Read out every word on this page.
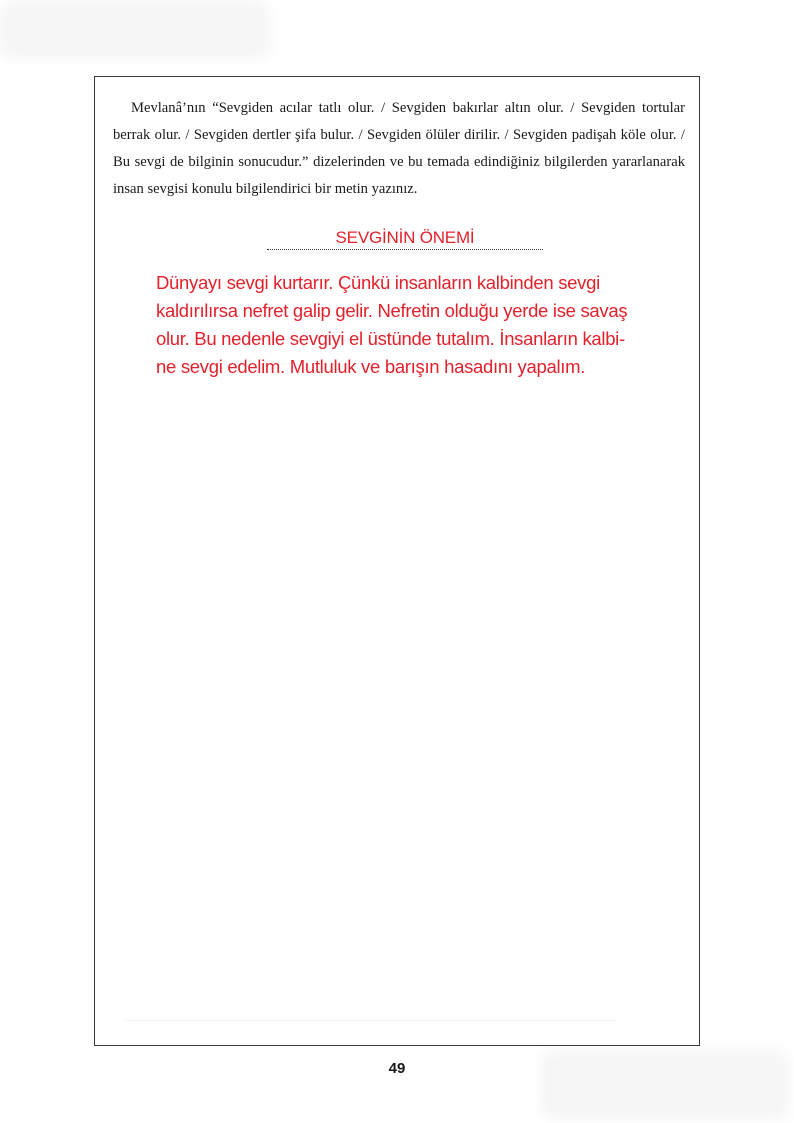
Mevlanâ’nın “Sevgiden acılar tatlı olur. / Sevgiden bakırlar altın olur. / Sevgiden tortular berrak olur. / Sevgiden dertler şifa bulur. / Sevgiden ölüler dirilir. / Sevgiden padişah köle olur. / Bu sevgi de bilginin sonucudur.” dizelerinden ve bu temada edindiğiniz bilgilerden yararlanarak insan sevgisi konulu bilgilendirici bir metin yazınız.

SEVGİNİN ÖNEMİ
Dünyayı sevgi kurtarır. Çünkü insanların kalbinden sevgi
kaldırılırsa nefret galip gelir. Nefretin olduğu yerde ise savaş
olur. Bu nedenle sevgiyi el üstünde tutalım. İnsanların kalbi-
ne sevgi edelim. Mutluluk ve barışın hasadını yapalım.
49
